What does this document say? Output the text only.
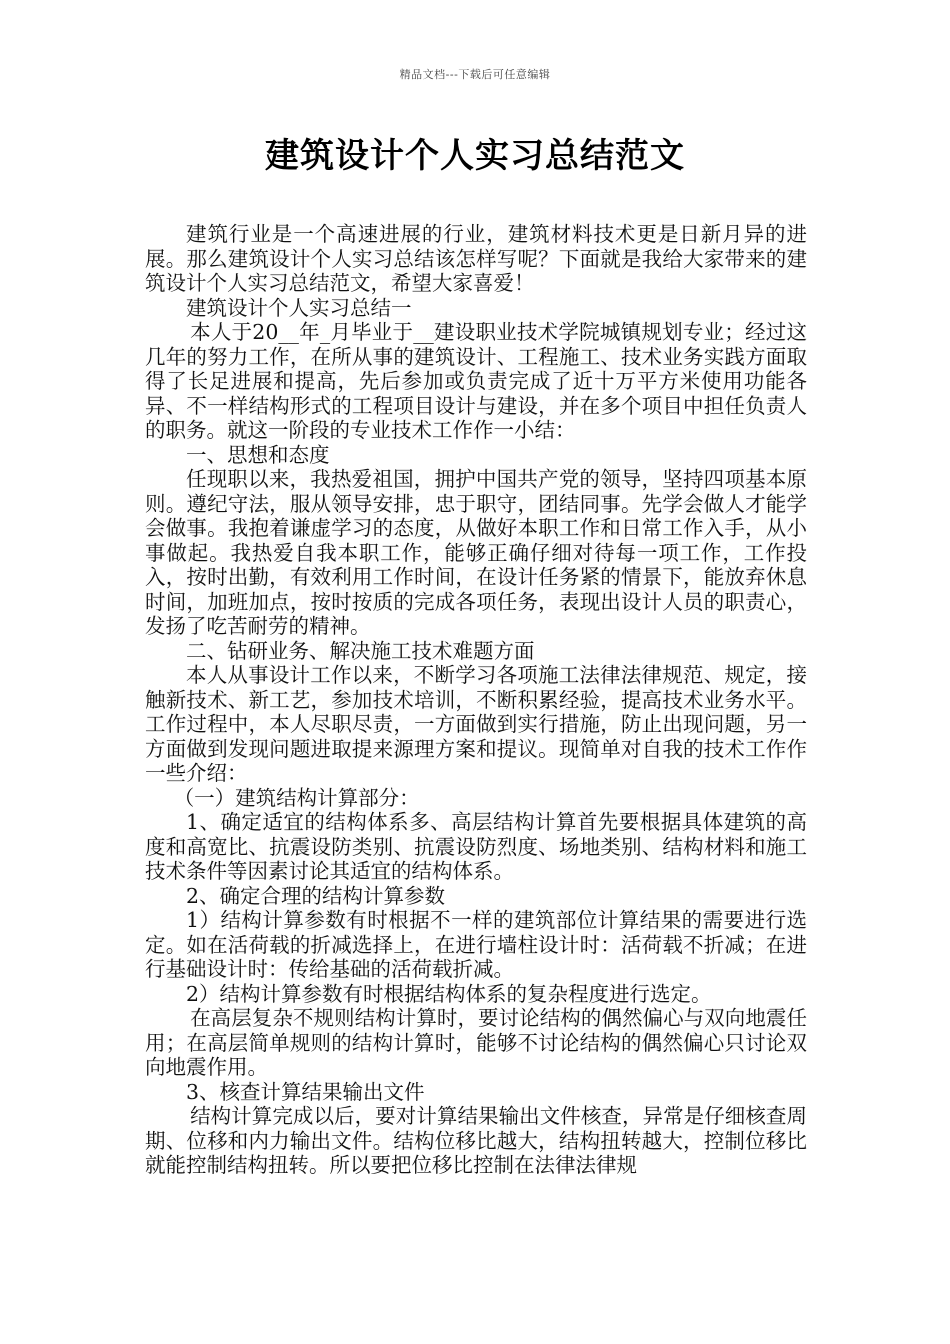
精品文档---下载后可任意编辑
建筑设计个人实习总结范文

建筑行业是一个高速进展的行业，建筑材料技术更是日新月异的进展。那么建筑设计个人实习总结该怎样写呢？下面就是我给大家带来的建筑设计个人实习总结范文，希望大家喜爱！

建筑设计个人实习总结一

本人于20__年_月毕业于__建设职业技术学院城镇规划专业；经过这几年的努力工作，在所从事的建筑设计、工程施工、技术业务实践方面取得了长足进展和提高，先后参加或负责完成了近十万平方米使用功能各异、不一样结构形式的工程项目设计与建设，并在多个项目中担任负责人的职务。就这一阶段的专业技术工作作一小结：

一、思想和态度

任现职以来，我热爱祖国，拥护中国共产党的领导，坚持四项基本原则。遵纪守法，服从领导安排，忠于职守，团结同事。先学会做人才能学会做事。我抱着谦虚学习的态度，从做好本职工作和日常工作入手，从小事做起。我热爱自我本职工作，能够正确仔细对待每一项工作，工作投入，按时出勤，有效利用工作时间，在设计任务紧的情景下，能放弃休息时间，加班加点，按时按质的完成各项任务，表现出设计人员的职责心，发扬了吃苦耐劳的精神。

二、钻研业务、解决施工技术难题方面

本人从事设计工作以来，不断学习各项施工法律法律规范、规定，接触新技术、新工艺，参加技术培训，不断积累经验，提高技术业务水平。工作过程中，本人尽职尽责，一方面做到实行措施，防止出现问题，另一方面做到发现问题进取提来源理方案和提议。现简单对自我的技术工作作一些介绍：

（一）建筑结构计算部分：

1、确定适宜的结构体系多、高层结构计算首先要根据具体建筑的高度和高宽比、抗震设防类别、抗震设防烈度、场地类别、结构材料和施工技术条件等因素讨论其适宜的结构体系。

2、确定合理的结构计算参数

1）结构计算参数有时根据不一样的建筑部位计算结果的需要进行选定。如在活荷载的折减选择上，在进行墙柱设计时：活荷载不折减；在进行基础设计时：传给基础的活荷载折减。

2）结构计算参数有时根据结构体系的复杂程度进行选定。

在高层复杂不规则结构计算时，要讨论结构的偶然偏心与双向地震任用；在高层简单规则的结构计算时，能够不讨论结构的偶然偏心只讨论双向地震作用。

3、核查计算结果输出文件

结构计算完成以后，要对计算结果输出文件核查，异常是仔细核查周期、位移和内力输出文件。结构位移比越大，结构扭转越大，控制位移比就能控制结构扭转。所以要把位移比控制在法律法律规
